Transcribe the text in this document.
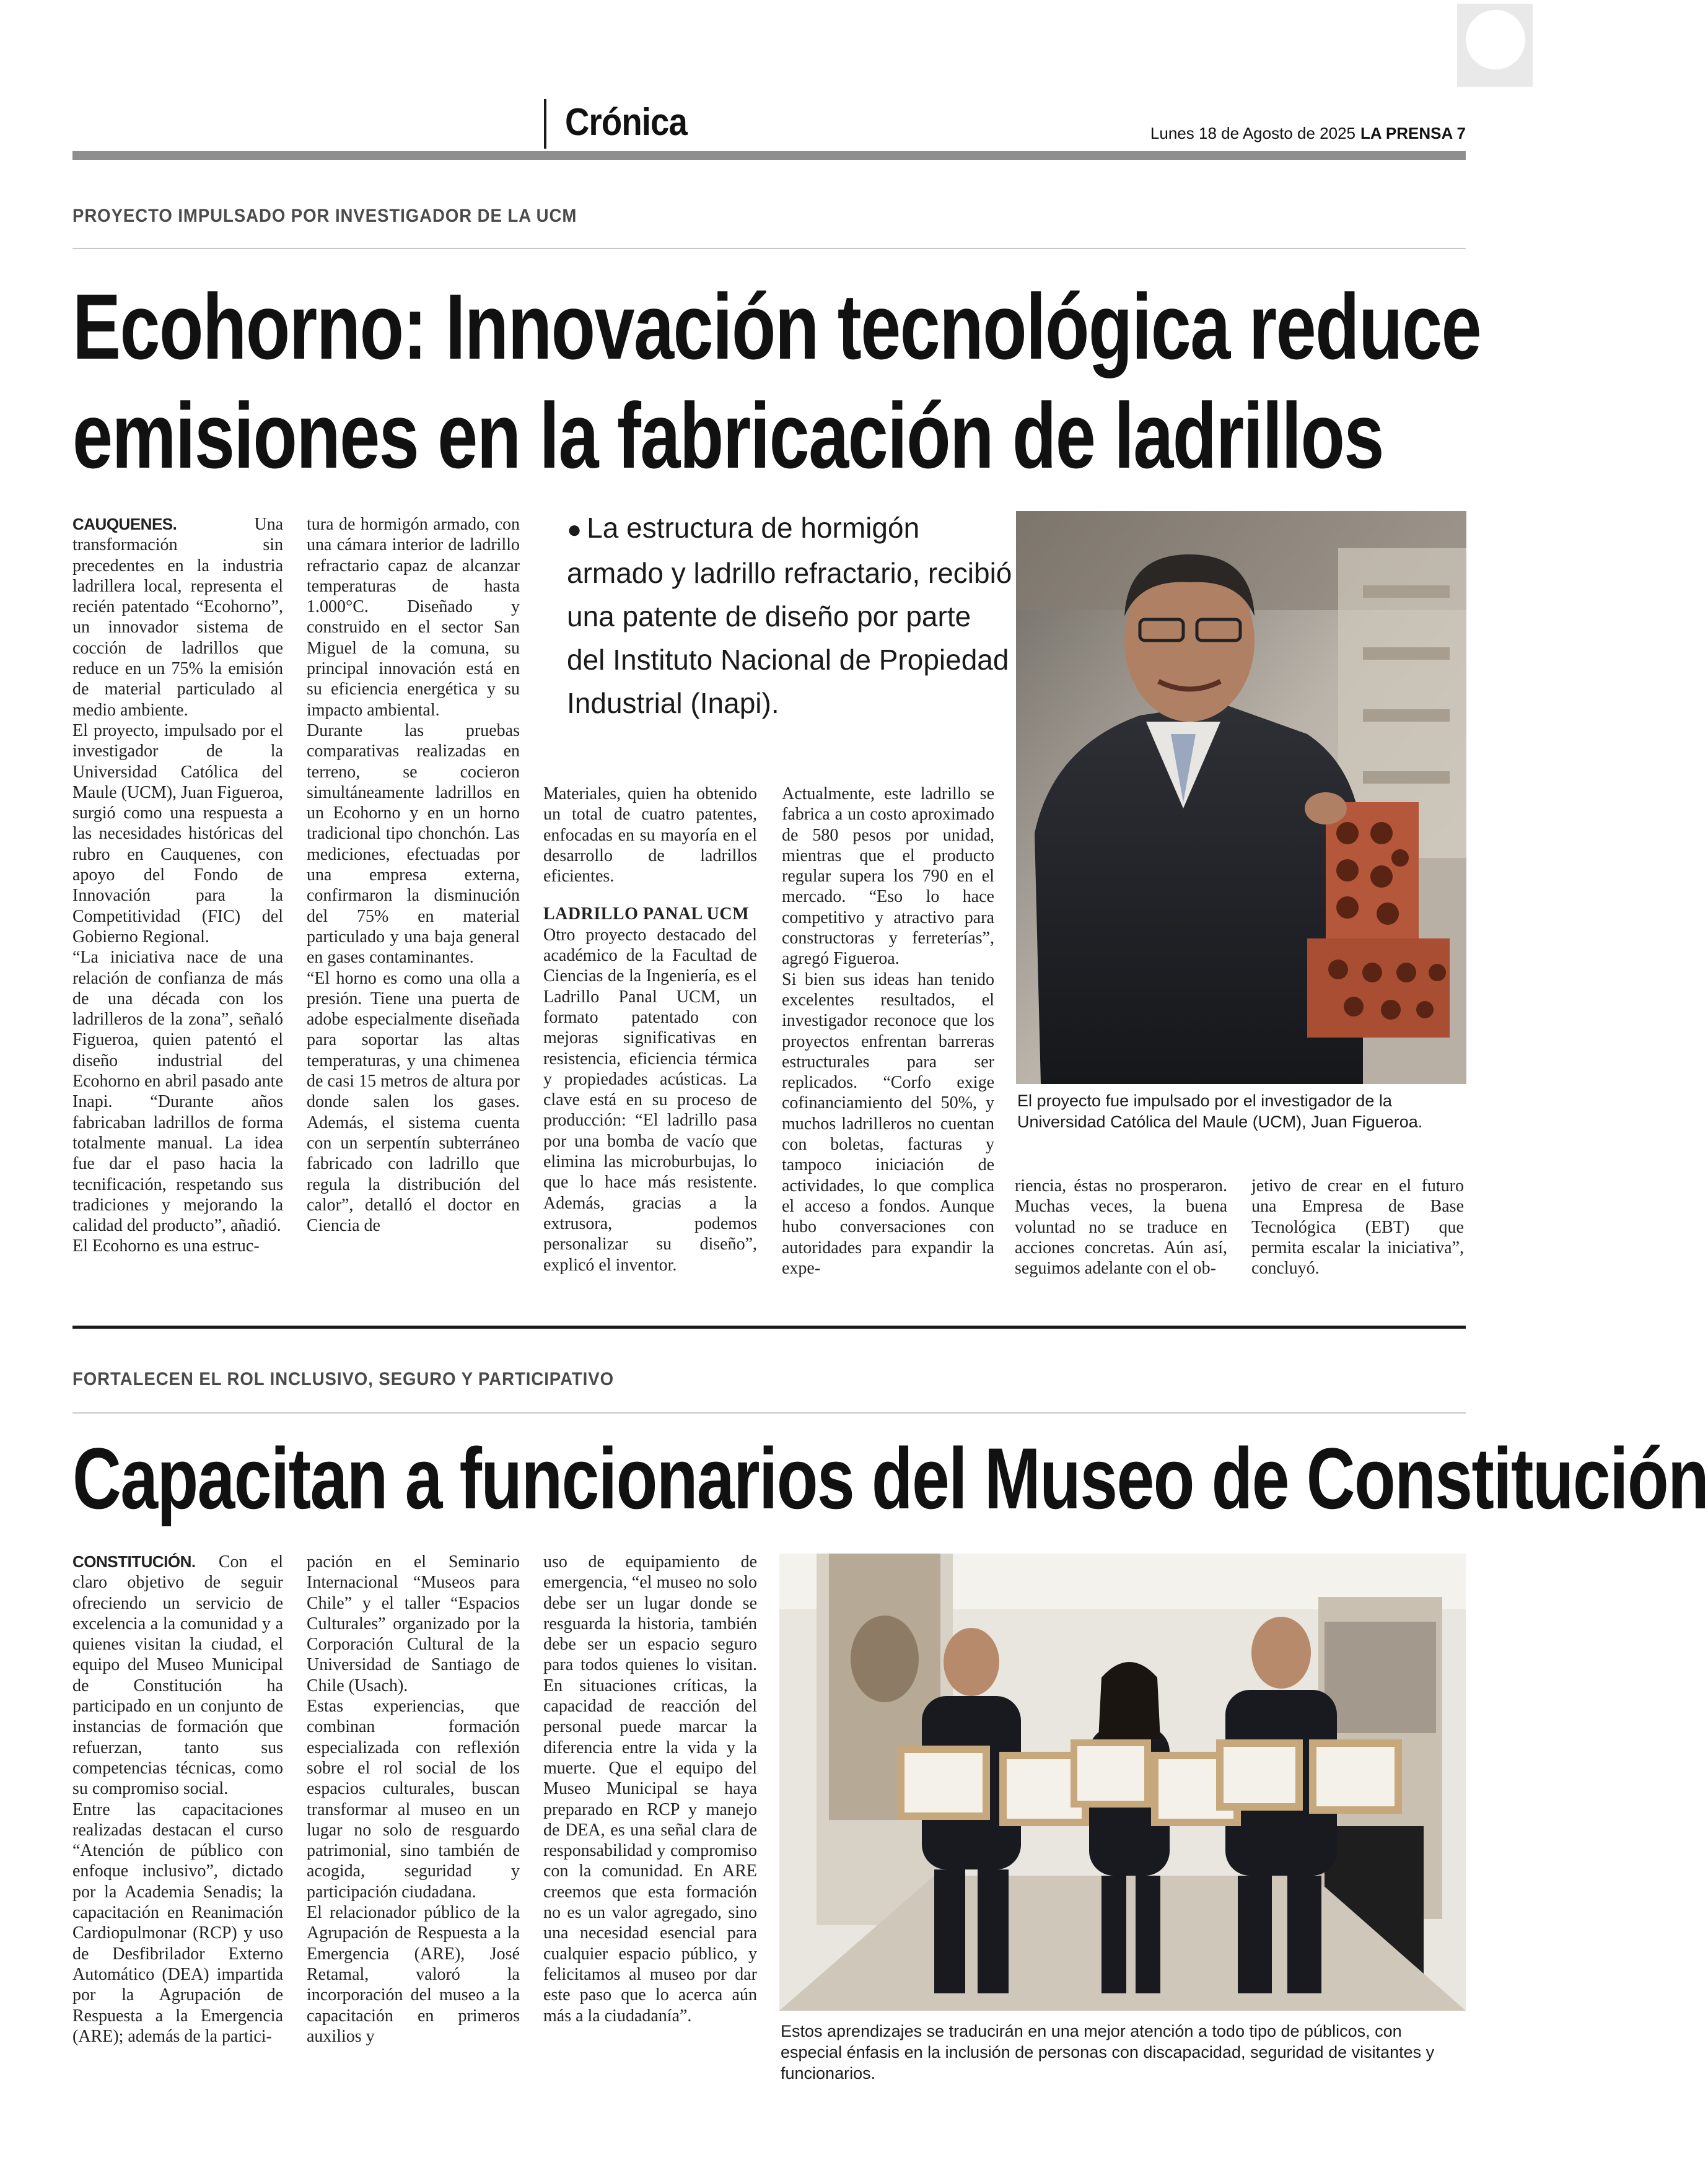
Crónica	Lunes 18 de Agosto de 2025 LA PRENSA 7
PROYECTO IMPULSADO POR INVESTIGADOR DE LA UCM
Ecohorno: Innovación tecnológica reduce
emisiones en la fabricación de ladrillos

CAUQUENES. Una transformación sin precedentes en la industria ladrillera local, representa el recién patentado “Ecohorno”, un innovador sistema de cocción de ladrillos que reduce en un 75% la emisión de material particulado al medio ambiente.

El proyecto, impulsado por el investigador de la Universidad Católica del Maule (UCM), Juan Figueroa, surgió como una respuesta a las necesidades históricas del rubro en Cauquenes, con apoyo del Fondo de Innovación para la Competitividad (FIC) del Gobierno Regional.

“La iniciativa nace de una relación de confianza de más de una década con los ladrilleros de la zona”, señaló Figueroa, quien patentó el diseño industrial del Ecohorno en abril pasado ante Inapi. “Durante años fabricaban ladrillos de forma totalmente manual. La idea fue dar el paso hacia la tecnificación, respetando sus tradiciones y mejorando la calidad del producto”, añadió.

El Ecohorno es una estruc-

tura de hormigón armado, con una cámara interior de ladrillo refractario capaz de alcanzar temperaturas de hasta 1.000°C. Diseñado y construido en el sector San Miguel de la comuna, su principal innovación está en su eficiencia energética y su impacto ambiental.

Durante las pruebas comparativas realizadas en terreno, se cocieron simultáneamente ladrillos en un Ecohorno y en un horno tradicional tipo chonchón. Las mediciones, efectuadas por una empresa externa, confirmaron la disminución del 75% en material particulado y una baja general en gases contaminantes.

“El horno es como una olla a presión. Tiene una puerta de adobe especialmente diseñada para soportar las altas temperaturas, y una chimenea de casi 15 metros de altura por donde salen los gases. Además, el sistema cuenta con un serpentín subterráneo fabricado con ladrillo que regula la distribución del calor”, detalló el doctor en Ciencia de

● La estructura de hormigón armado y ladrillo refractario, recibió una patente de diseño por parte del Instituto Nacional de Propiedad Industrial (Inapi).

Materiales, quien ha obtenido un total de cuatro patentes, enfocadas en su mayoría en el desarrollo de ladrillos eficientes.

LADRILLO PANAL UCM

Otro proyecto destacado del académico de la Facultad de Ciencias de la Ingeniería, es el Ladrillo Panal UCM, un formato patentado con mejoras significativas en resistencia, eficiencia térmica y propiedades acústicas. La clave está en su proceso de producción: “El ladrillo pasa por una bomba de vacío que elimina las microburbujas, lo que lo hace más resistente. Además, gracias a la extrusora, podemos personalizar su diseño”, explicó el inventor.

Actualmente, este ladrillo se fabrica a un costo aproximado de 580 pesos por unidad, mientras que el producto regular supera los 790 en el mercado. “Eso lo hace competitivo y atractivo para constructoras y ferreterías”, agregó Figueroa.

Si bien sus ideas han tenido excelentes resultados, el investigador reconoce que los proyectos enfrentan barreras estructurales para ser replicados. “Corfo exige cofinanciamiento del 50%, y muchos ladrilleros no cuentan con boletas, facturas y tampoco iniciación de actividades, lo que complica el acceso a fondos. Aunque hubo conversaciones con autoridades para expandir la expe-

riencia, éstas no prosperaron. Muchas veces, la buena voluntad no se traduce en acciones concretas. Aún así, seguimos adelante con el ob-

jetivo de crear en el futuro una Empresa de Base Tecnológica (EBT) que permita escalar la iniciativa”, concluyó.

El proyecto fue impulsado por el investigador de la Universidad Católica del Maule (UCM), Juan Figueroa.
FORTALECEN EL ROL INCLUSIVO, SEGURO Y PARTICIPATIVO
Capacitan a funcionarios del Museo de Constitución

CONSTITUCIÓN. Con el claro objetivo de seguir ofreciendo un servicio de excelencia a la comunidad y a quienes visitan la ciudad, el equipo del Museo Municipal de Constitución ha participado en un conjunto de instancias de formación que refuerzan, tanto sus competencias técnicas, como su compromiso social.

Entre las capacitaciones realizadas destacan el curso “Atención de público con enfoque inclusivo”, dictado por la Academia Senadis; la capacitación en Reanimación Cardiopulmonar (RCP) y uso de Desfibrilador Externo Automático (DEA) impartida por la Agrupación de Respuesta a la Emergencia (ARE); además de la partici-

pación en el Seminario Internacional “Museos para Chile” y el taller “Espacios Culturales” organizado por la Corporación Cultural de la Universidad de Santiago de Chile (Usach).

Estas experiencias, que combinan formación especializada con reflexión sobre el rol social de los espacios culturales, buscan transformar al museo en un lugar no solo de resguardo patrimonial, sino también de acogida, seguridad y participación ciudadana.

El relacionador público de la Agrupación de Respuesta a la Emergencia (ARE), José Retamal, valoró la incorporación del museo a la capacitación en primeros auxilios y

uso de equipamiento de emergencia, “el museo no solo debe ser un lugar donde se resguarda la historia, también debe ser un espacio seguro para todos quienes lo visitan. En situaciones críticas, la capacidad de reacción del personal puede marcar la diferencia entre la vida y la muerte. Que el equipo del Museo Municipal se haya preparado en RCP y manejo de DEA, es una señal clara de responsabilidad y compromiso con la comunidad. En ARE creemos que esta formación no es un valor agregado, sino una necesidad esencial para cualquier espacio público, y felicitamos al museo por dar este paso que lo acerca aún más a la ciudadanía”.

Estos aprendizajes se traducirán en una mejor atención a todo tipo de públicos, con especial énfasis en la inclusión de personas con discapacidad, seguridad de visitantes y funcionarios.
